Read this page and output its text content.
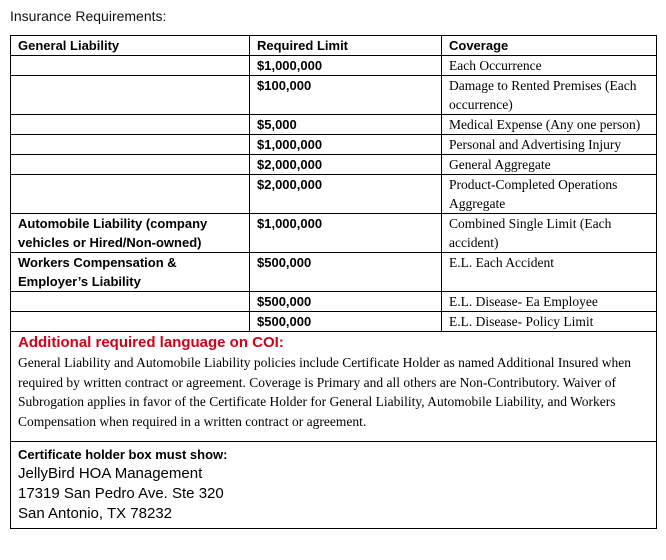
Insurance Requirements:
General Liability	Required Limit	Coverage
	$1,000,000	Each Occurrence
	$100,000	Damage to Rented Premises (Each occurrence)
	$5,000	Medical Expense (Any one person)
	$1,000,000	Personal and Advertising Injury
	$2,000,000	General Aggregate
	$2,000,000	Product-Completed Operations Aggregate
Automobile Liability (company vehicles or Hired/Non-owned)	$1,000,000	Combined Single Limit (Each accident)
Workers Compensation & Employer’s Liability	$500,000	E.L. Each Accident
	$500,000	E.L. Disease- Ea Employee
	$500,000	E.L. Disease- Policy Limit

Additional required language on COI:
General Liability and Automobile Liability policies include Certificate Holder as named Additional Insured when required by written contract or agreement. Coverage is Primary and all others are Non-Contributory. Waiver of Subrogation applies in favor of the Certificate Holder for General Liability, Automobile Liability, and Workers Compensation when required in a written contract or agreement.		

Certificate holder box must show:
JellyBird HOA Management
17319 San Pedro Ave. Ste 320
San Antonio, TX 78232		
